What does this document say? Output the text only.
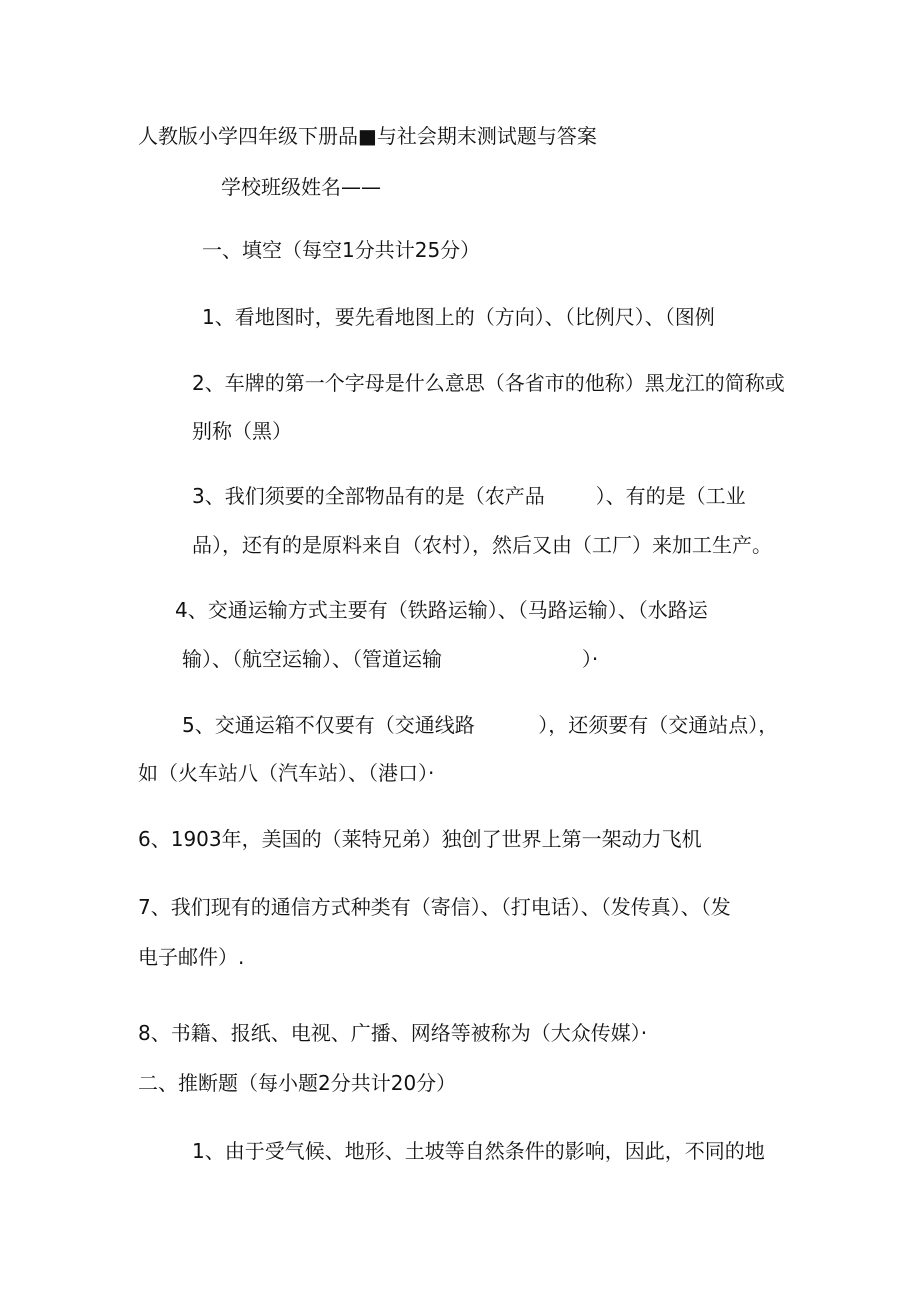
人教版小学四年级下册品■与社会期末测试题与答案
学校班级姓名——
一、填空（每空1分共计25分）
1、看地图时，要先看地图上的（方向）、（比例尺）、（图例
2、车牌的第一个字母是什么意思（各省市的他称）黑龙江的简称或
别称（黑）
3、我们须要的全部物品有的是（农产品        ）、有的是（工业
品），还有的是原料来自（农村），然后又由（工厂）来加工生产。
4、交通运输方式主要有（铁路运输）、（马路运输）、（水路运
输）、（航空运输）、（管道运输                      ）·
5、交通运箱不仅要有（交通线路          ），还须要有（交通站点），
如（火车站八（汽车站）、（港口）·
6、1903年，美国的（莱特兄弟）独创了世界上第一架动力飞机
7、我们现有的通信方式种类有（寄信）、（打电话）、（发传真）、（发
电子邮件）.
8、书籍、报纸、电视、广播、网络等被称为（大众传媒）·
二、推断题（每小题2分共计20分）
1、由于受气候、地形、土坡等自然条件的影响，因此，不同的地
